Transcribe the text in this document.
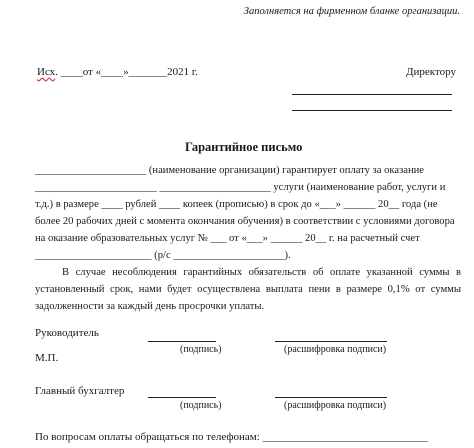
Заполняется на фирменном бланке организации.
Исх. ____от «____»_______2021 г.	Директору
Гарантийное письмо

_____________________ (наименование организации) гарантирует оплату за оказание

_______________________ _____________________ услуги (наименование работ, услуги и

т.д.) в размере ____ рублей ____ копеек (прописью) в срок до «___» ______ 20__ года (не

более 20 рабочих дней с момента окончания обучения) в соответствии с условиями договора

на оказание образовательных услуг № ___ от «___» ______ 20__ г. на расчетный счет

______________________ (р/с _____________________).

В случае несоблюдения гарантийных обязательств об оплате указанной суммы в установленный срок, нами будет осуществлена выплата пени в размере 0,1% от суммы задолженности за каждый день просрочки уплаты.

Руководитель
(подпись)	(расшифровка подписи)
М.П.
Главный бухгалтер
(подпись)	(расшифровка подписи)
По вопросам оплаты обращаться по телефонам: ______________________________
